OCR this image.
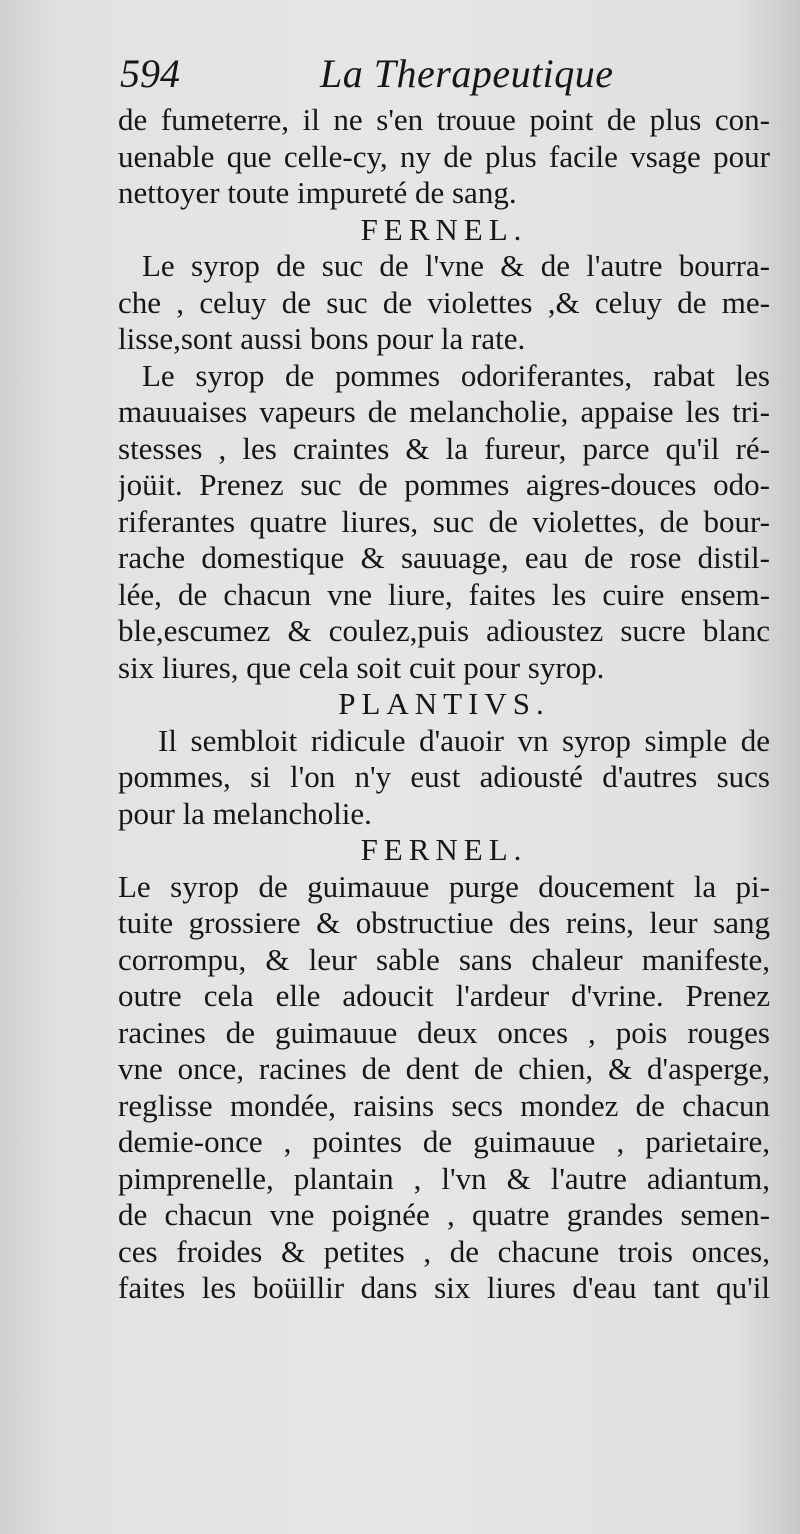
594	La Therapeutique
de fumeterre, il ne s'en trouue point de plus con-
uenable que celle-cy, ny de plus facile vsage pour
nettoyer toute impureté de sang.
FERNEL.
Le syrop de suc de l'vne & de l'autre bourra-
che , celuy de suc de violettes ,& celuy de me-
lisse,sont aussi bons pour la rate.
Le syrop de pommes odoriferantes, rabat les
mauuaises vapeurs de melancholie, appaise les tri-
stesses , les craintes & la fureur, parce qu'il ré-
joüit. Prenez suc de pommes aigres-douces odo-
riferantes quatre liures, suc de violettes, de bour-
rache domestique & sauuage, eau de rose distil-
lée, de chacun vne liure, faites les cuire ensem-
ble,escumez & coulez,puis adioustez sucre blanc
six liures, que cela soit cuit pour syrop.
PLANTIVS.
Il sembloit ridicule d'auoir vn syrop simple de
pommes, si l'on n'y eust adiousté d'autres sucs
pour la melancholie.
FERNEL.
Le syrop de guimauue purge doucement la pi-
tuite grossiere & obstructiue des reins, leur sang
corrompu, & leur sable sans chaleur manifeste,
outre cela elle adoucit l'ardeur d'vrine. Prenez
racines de guimauue deux onces , pois rouges
vne once, racines de dent de chien, & d'asperge,
reglisse mondée, raisins secs mondez de chacun
demie-once , pointes de guimauue , parietaire,
pimprenelle, plantain , l'vn & l'autre adiantum,
de chacun vne poignée , quatre grandes semen-
ces froides & petites , de chacune trois onces,
faites les boüillir dans six liures d'eau tant qu'il
